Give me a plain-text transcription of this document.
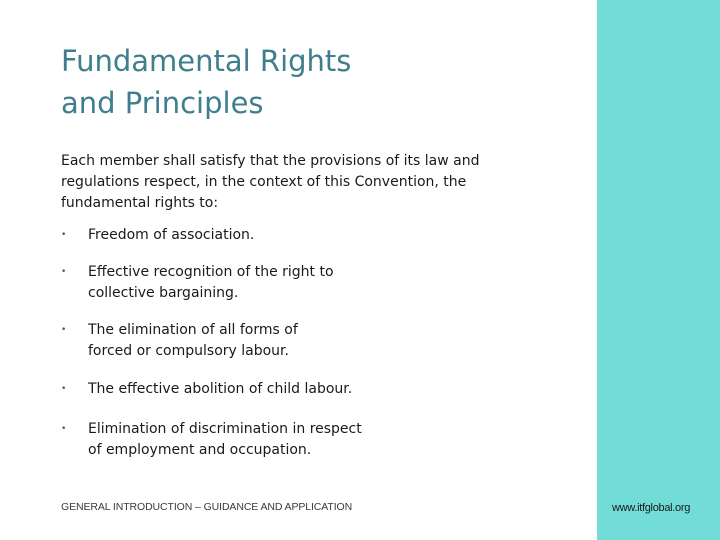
Fundamental Rights
and Principles

Each member shall satisfy that the provisions of its law and
regulations respect, in the context of this Convention, the
fundamental rights to:

• Freedom of association.
• Effective recognition of the right to
collective bargaining.
• The elimination of all forms of
forced or compulsory labour.
• The effective abolition of child labour.
• Elimination of discrimination in respect
of employment and occupation.
GENERAL INTRODUCTION – GUIDANCE AND APPLICATION	www.itfglobal.org
